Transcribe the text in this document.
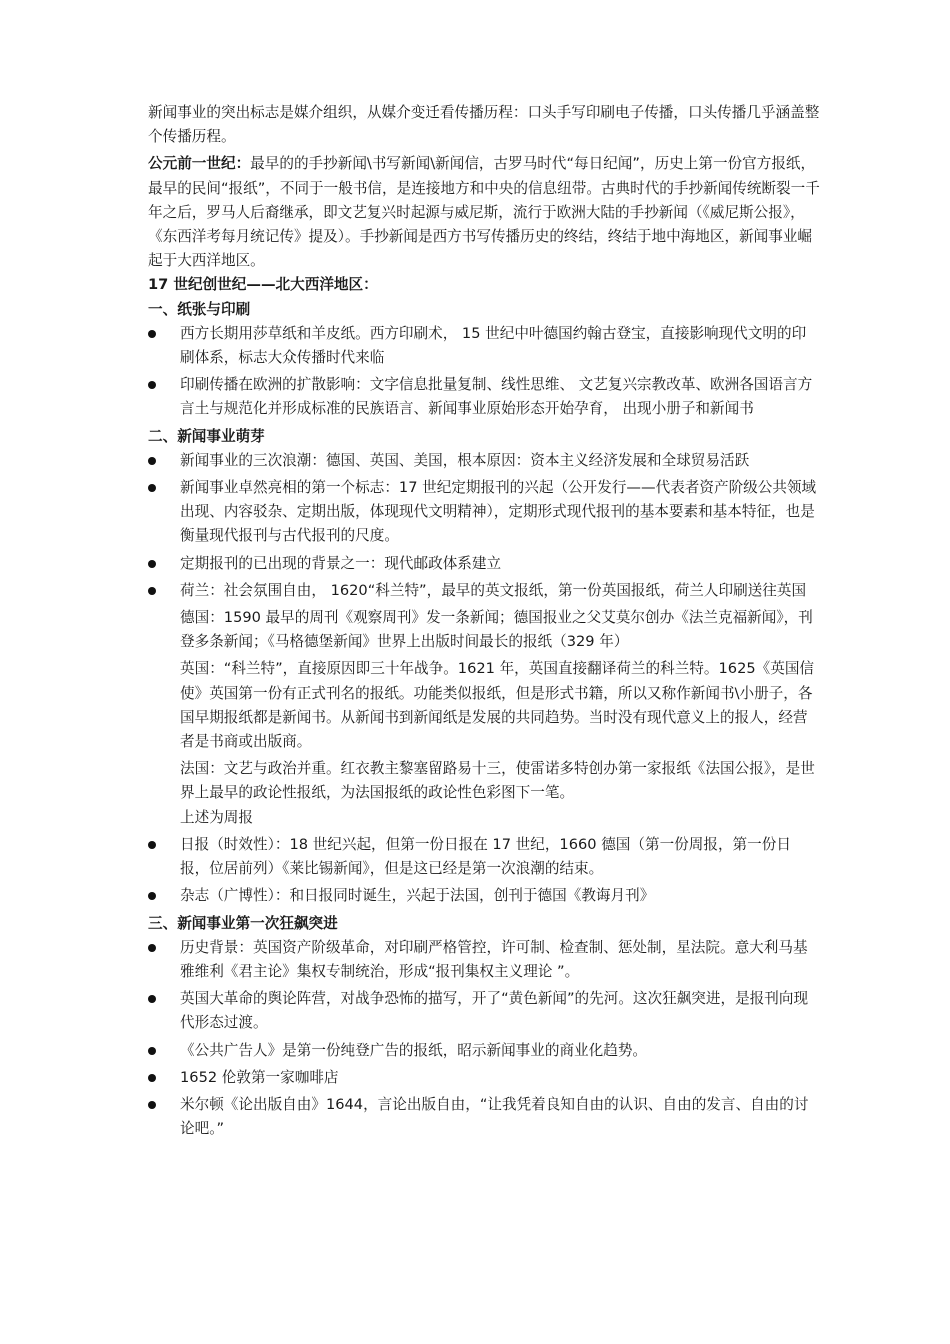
新闻事业的突出标志是媒介组织，从媒介变迁看传播历程：口头手写印刷电子传播，口头传播几乎涵盖整个传播历程。

公元前一世纪：最早的的手抄新闻\书写新闻\新闻信，古罗马时代“每日纪闻”，历史上第一份官方报纸，最早的民间“报纸”，不同于一般书信，是连接地方和中央的信息纽带。古典时代的手抄新闻传统断裂一千年之后，罗马人后裔继承，即文艺复兴时起源与威尼斯，流行于欧洲大陆的手抄新闻（《威尼斯公报》，《东西洋考每月统记传》提及）。手抄新闻是西方书写传播历史的终结，终结于地中海地区，新闻事业崛起于大西洋地区。

17 世纪创世纪——北大西洋地区：

一、纸张与印刷

西方长期用莎草纸和羊皮纸。西方印刷术， 15 世纪中叶德国约翰古登宝，直接影响现代文明的印刷体系，标志大众传播时代来临
印刷传播在欧洲的扩散影响：文字信息批量复制、线性思维、 文艺复兴宗教改革、欧洲各国语言方言土与规范化并形成标准的民族语言、新闻事业原始形态开始孕育， 出现小册子和新闻书

二、新闻事业萌芽

新闻事业的三次浪潮：德国、英国、美国，根本原因：资本主义经济发展和全球贸易活跃
新闻事业卓然亮相的第一个标志：17 世纪定期报刊的兴起（公开发行——代表者资产阶级公共领域出现、内容驳杂、定期出版，体现现代文明精神），定期形式现代报刊的基本要素和基本特征，也是衡量现代报刊与古代报刊的尺度。
定期报刊的已出现的背景之一：现代邮政体系建立
荷兰：社会氛围自由， 1620“科兰特”，最早的英文报纸，第一份英国报纸，荷兰人印刷送往英国

德国：1590 最早的周刊《观察周刊》发一条新闻；德国报业之父艾莫尔创办《法兰克福新闻》，刊登多条新闻；《马格德堡新闻》世界上出版时间最长的报纸（329 年）

英国：“科兰特”，直接原因即三十年战争。1621 年，英国直接翻译荷兰的科兰特。1625《英国信使》英国第一份有正式刊名的报纸。功能类似报纸，但是形式书籍，所以又称作新闻书\小册子，各国早期报纸都是新闻书。从新闻书到新闻纸是发展的共同趋势。当时没有现代意义上的报人，经营者是书商或出版商。

法国：文艺与政治并重。红衣教主黎塞留路易十三，使雷诺多特创办第一家报纸《法国公报》，是世界上最早的政论性报纸，为法国报纸的政论性色彩图下一笔。

上述为周报

日报（时效性）：18 世纪兴起，但第一份日报在 17 世纪，1660 德国（第一份周报，第一份日报，位居前列）《莱比锡新闻》，但是这已经是第一次浪潮的结束。
杂志（广博性）：和日报同时诞生，兴起于法国，创刊于德国《教诲月刊》

三、新闻事业第一次狂飙突进

历史背景：英国资产阶级革命，对印刷严格管控，许可制、检查制、惩处制，星法院。意大利马基雅维利《君主论》集权专制统治，形成“报刊集权主义理论 ”。
英国大革命的舆论阵营，对战争恐怖的描写，开了“黄色新闻”的先河。这次狂飙突进，是报刊向现代形态过渡。
《公共广告人》是第一份纯登广告的报纸，昭示新闻事业的商业化趋势。
1652 伦敦第一家咖啡店
米尔顿《论出版自由》1644，言论出版自由，“让我凭着良知自由的认识、自由的发言、自由的讨论吧。”
